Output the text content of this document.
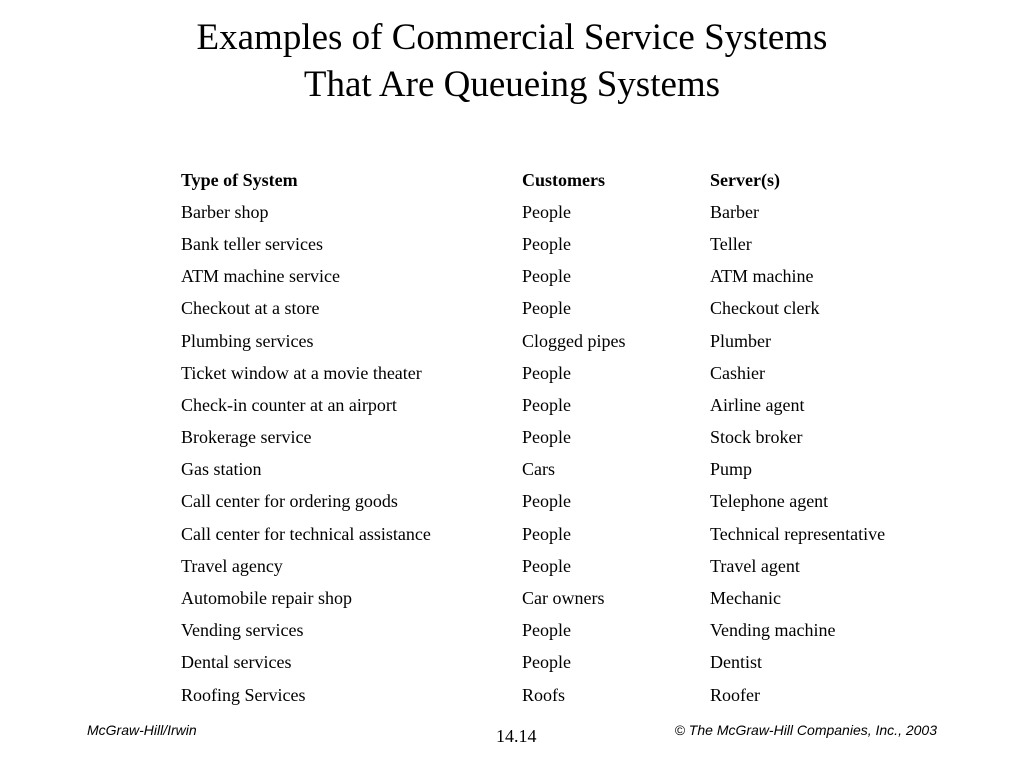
Examples of Commercial Service Systems
That Are Queueing Systems
Type of System	Customers	Server(s)
Barber shop	People	Barber
Bank teller services	People	Teller
ATM machine service	People	ATM machine
Checkout at a store	People	Checkout clerk
Plumbing services	Clogged pipes	Plumber
Ticket window at a movie theater	People	Cashier
Check-in counter at an airport	People	Airline agent
Brokerage service	People	Stock broker
Gas station	Cars	Pump
Call center for ordering goods	People	Telephone agent
Call center for technical assistance	People	Technical representative
Travel agency	People	Travel agent
Automobile repair shop	Car owners	Mechanic
Vending services	People	Vending machine
Dental services	People	Dentist
Roofing Services	Roofs	Roofer
McGraw-Hill/Irwin	14.14	© The McGraw-Hill Companies, Inc., 2003
